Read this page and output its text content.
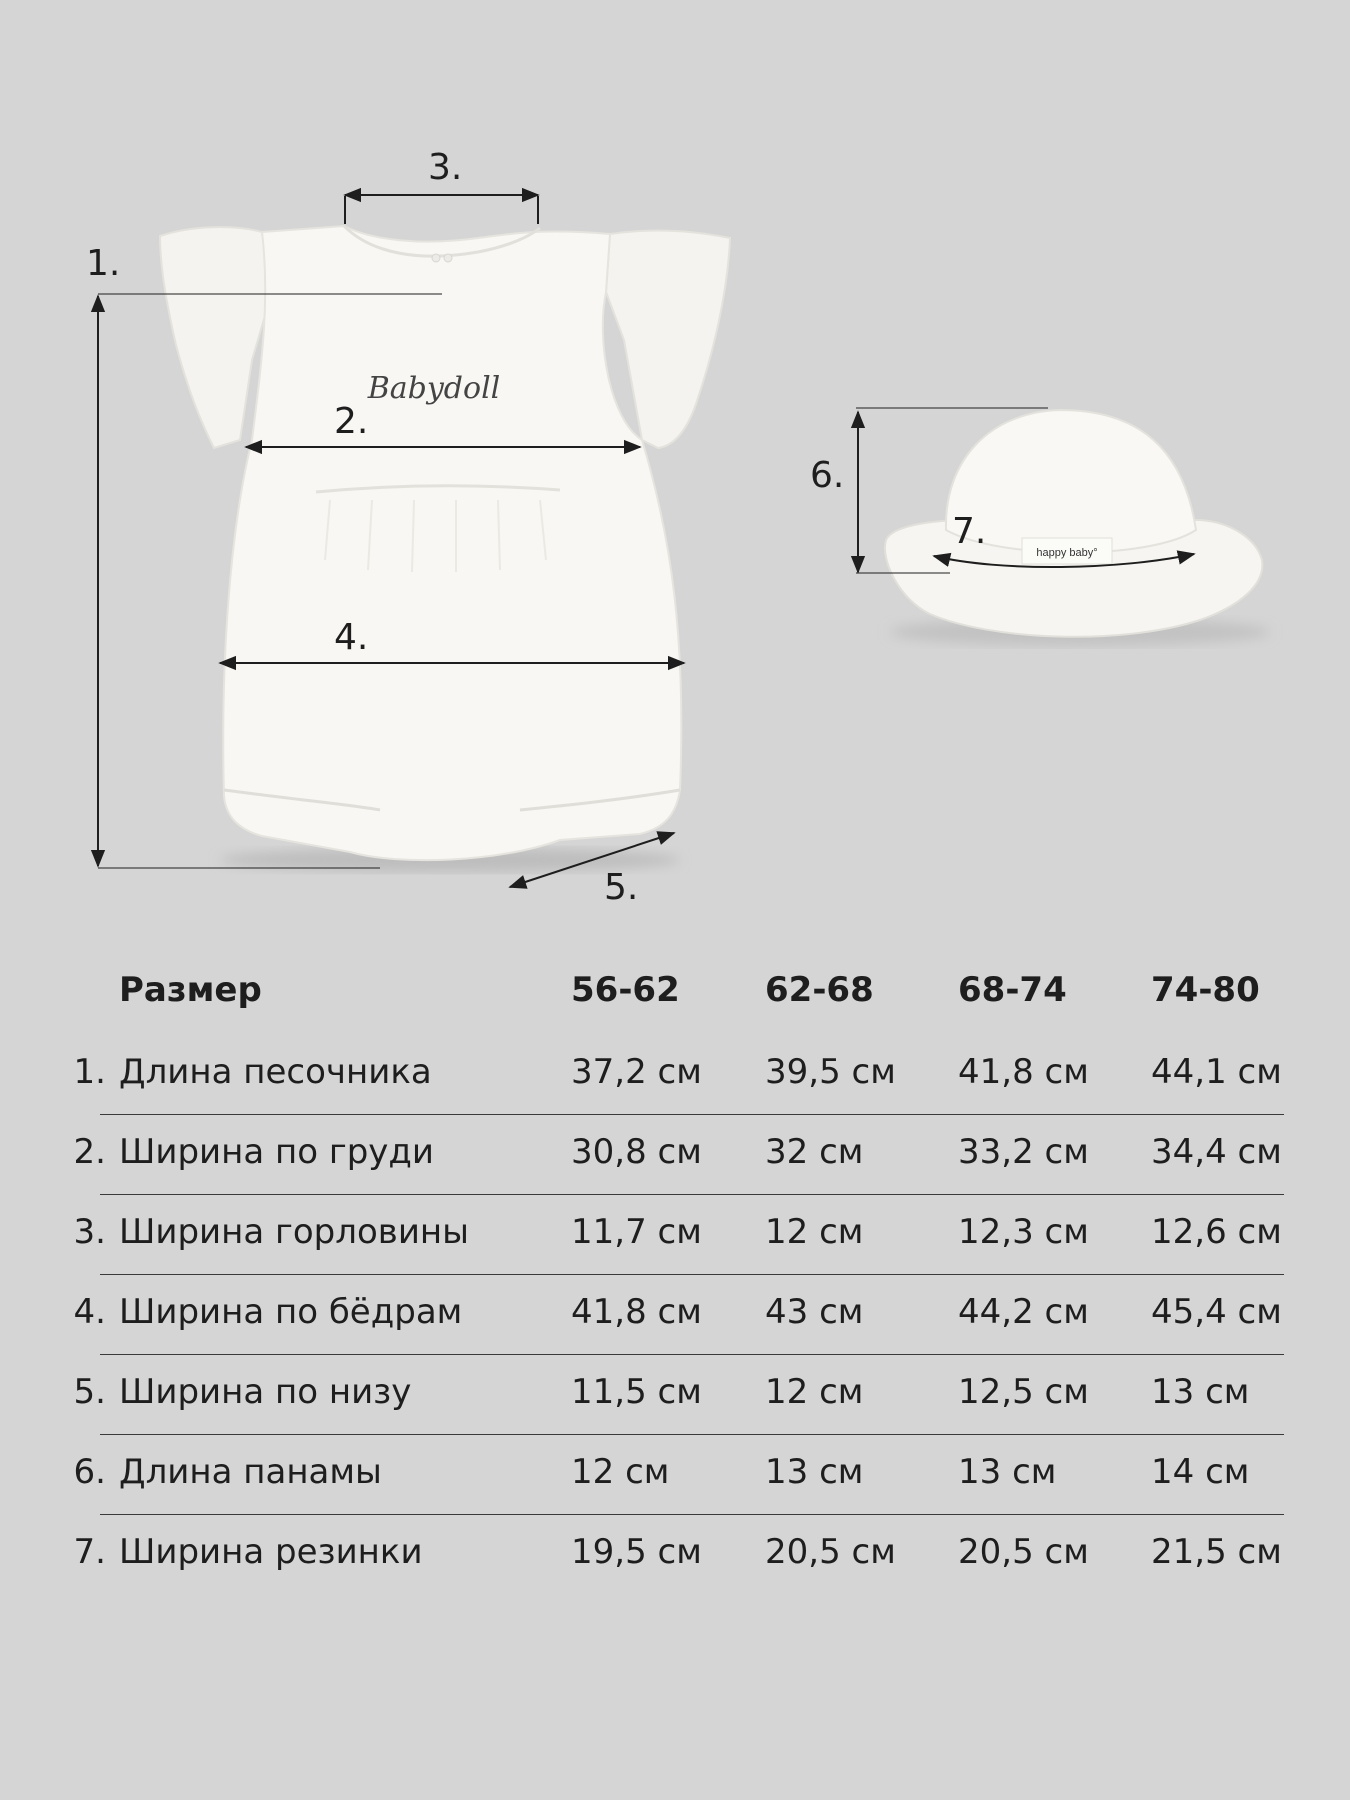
Babydoll
happy baby°
1.
2.
3.
4.
5.
6.
7.
Размер	56-62	62-68 68-74 74-80
1. Длина песочника	37,2 см 39,5 см 41,8 см 44,1 см
2. Ширина по груди	30,8 см 32 см	33,2 см 34,4 см
3. Ширина горловины	11,7 см 12 см	12,3 см 12,6 см
4. Ширина по бёдрам	41,8 см 43 см	44,2 см 45,4 см
5. Ширина по низу	11,5 см 12 см	12,5 см 13 см
6. Длина панамы	12 см	13 см	13 см	14 см
7. Ширина резинки	19,5 см 20,5 см 20,5 см 21,5 см
